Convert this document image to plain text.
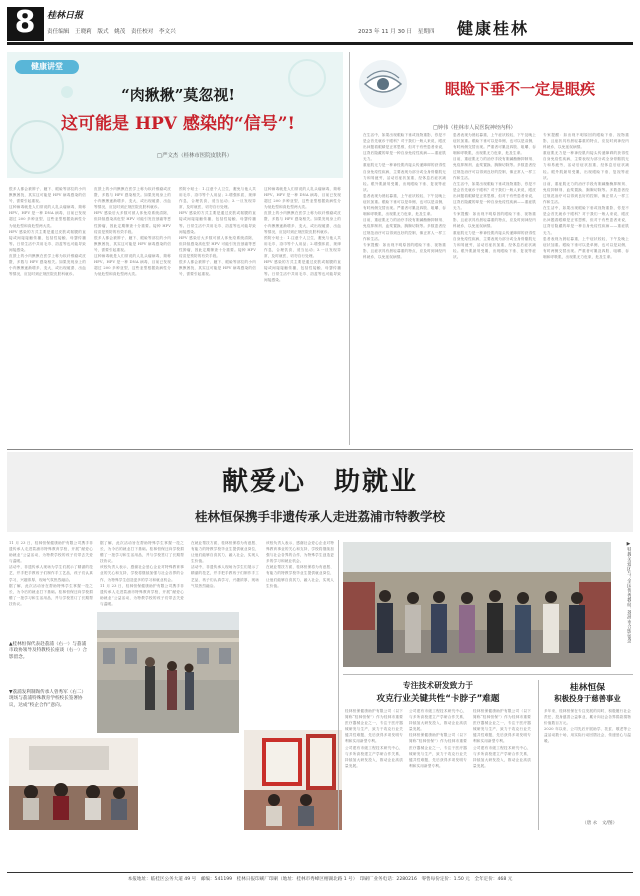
8	桂林日报
责任编辑　王晓莉　版式　姚茂　责任校对　李文兴	2023 年 11 月 30 日　星期四 健康桂林
健康讲堂
“肉揪揪”莫忽视!
这可能是 HPV 感染的“信号”!
□严文杰（桂林市医院皮肤科）

很多人都会被脖子、腋下、眼睑等部位的小肉揪揪困扰，其实这可能是 HPV 病毒感染的信号，需要引起重视。

这种病毒就是人们常说的人乳头瘤病毒，简称 HPV。HPV 是一种 DNA 病毒，目前已发现超过 200 多种亚型，这些亚型根据致病性分为低危型和高危型两大类。

HPV 感染的方式主要是通过皮肤或黏膜的直接或间接接触传播，包括性接触、母婴传播等。日常生活中共用毛巾、浴盆等也可能导致间接感染。

皮肤上的小肉揪揪在医学上称为软纤维瘤或皮赘，多数与 HPV 感染相关。如果发现身上的小肉揪揪逐渐增多、变大，或出现破溃、出血等情况，应及时到正规医院皮肤科就诊。

皮肤上的小肉揪揪在医学上称为软纤维瘤或皮赘，多数与 HPV 感染相关。如果发现身上的小肉揪揪逐渐增多、变大，或出现破溃、出血等情况，应及时到正规医院皮肤科就诊。

HPV 感染后大多数可被人体免疫系统清除，但持续感染高危型 HPV 可能引发宫颈癌等恶性肿瘤，因此定期筛查十分重要。接种 HPV 疫苗是预防的有效手段。

很多人都会被脖子、腋下、眼睑等部位的小肉揪揪困扰，其实这可能是 HPV 病毒感染的信号，需要引起重视。

这种病毒就是人们常说的人乳头瘤病毒，简称 HPV。HPV 是一种 DNA 病毒，目前已发现超过 200 多种亚型，这些亚型根据致病性分为低危型和高危型两大类。

预防小贴士：1.注意个人卫生，避免与他人共用毛巾、浴巾等个人用品；2.增强体质，规律作息，合理饮食，适当运动；3.一旦发现异常，及时就医，切勿自行处理。

HPV 感染的方式主要是通过皮肤或黏膜的直接或间接接触传播，包括性接触、母婴传播等。日常生活中共用毛巾、浴盆等也可能导致间接感染。

HPV 感染后大多数可被人体免疫系统清除，但持续感染高危型 HPV 可能引发宫颈癌等恶性肿瘤，因此定期筛查十分重要。接种 HPV 疫苗是预防的有效手段。

很多人都会被脖子、腋下、眼睑等部位的小肉揪揪困扰，其实这可能是 HPV 病毒感染的信号，需要引起重视。

这种病毒就是人们常说的人乳头瘤病毒，简称 HPV。HPV 是一种 DNA 病毒，目前已发现超过 200 多种亚型，这些亚型根据致病性分为低危型和高危型两大类。

皮肤上的小肉揪揪在医学上称为软纤维瘤或皮赘，多数与 HPV 感染相关。如果发现身上的小肉揪揪逐渐增多、变大，或出现破溃、出血等情况，应及时到正规医院皮肤科就诊。

预防小贴士：1.注意个人卫生，避免与他人共用毛巾、浴巾等个人用品；2.增强体质，规律作息，合理饮食，适当运动；3.一旦发现异常，及时就医，切勿自行处理。

HPV 感染的方式主要是通过皮肤或黏膜的直接或间接接触传播，包括性接触、母婴传播等。日常生活中共用毛巾、浴盆等也可能导致间接感染。

眼睑下垂不一定是眼疾
□钟伟（桂林市人民医院神经内科）

在生活中，如果出现眼睑下垂或视物重影，你是不是会首先就诊于眼科？对于我们一般人来说，眼皮出问题看眼睛是正常思维，但对于有些患者来说，这背后隐藏的却是一种自身免疫性疾病——重症肌无力。

重症肌无力是一种神经肌肉接头传递障碍的获得性自身免疫性疾病，主要表现为部分或全身骨骼肌无力和易疲劳，活动后症状加重，经休息后症状减轻。眼外肌最易受累，出现眼睑下垂、复视等症状。

患者表现为晨轻暮重，上午症状较轻，下午及晚上症状加重。眼睑下垂可以是单侧，也可以是双侧，有时两侧交替出现。严重者可累及四肢、咀嚼、吞咽和呼吸肌，出现肌无力危象，危及生命。

目前，重症肌无力的治疗手段有胆碱酯酶抑制剂、免疫抑制剂、血浆置换、胸腺切除等。多数患者经过规范治疗可以得到良好的控制，像正常人一样工作和生活。

专家提醒：如出现不明原因的眼睑下垂、视物重影，且症状具有晨轻暮重的特点，应及时到神经内科就诊，以免延误病情。

患者表现为晨轻暮重，上午症状较轻，下午及晚上症状加重。眼睑下垂可以是单侧，也可以是双侧，有时两侧交替出现。严重者可累及四肢、咀嚼、吞咽和呼吸肌，出现肌无力危象，危及生命。

目前，重症肌无力的治疗手段有胆碱酯酶抑制剂、免疫抑制剂、血浆置换、胸腺切除等。多数患者经过规范治疗可以得到良好的控制，像正常人一样工作和生活。

在生活中，如果出现眼睑下垂或视物重影，你是不是会首先就诊于眼科？对于我们一般人来说，眼皮出问题看眼睛是正常思维，但对于有些患者来说，这背后隐藏的却是一种自身免疫性疾病——重症肌无力。

专家提醒：如出现不明原因的眼睑下垂、视物重影，且症状具有晨轻暮重的特点，应及时到神经内科就诊，以免延误病情。

重症肌无力是一种神经肌肉接头传递障碍的获得性自身免疫性疾病，主要表现为部分或全身骨骼肌无力和易疲劳，活动后症状加重，经休息后症状减轻。眼外肌最易受累，出现眼睑下垂、复视等症状。

专家提醒：如出现不明原因的眼睑下垂、视物重影，且症状具有晨轻暮重的特点，应及时到神经内科就诊，以免延误病情。

重症肌无力是一种神经肌肉接头传递障碍的获得性自身免疫性疾病，主要表现为部分或全身骨骼肌无力和易疲劳，活动后症状加重，经休息后症状减轻。眼外肌最易受累，出现眼睑下垂、复视等症状。

目前，重症肌无力的治疗手段有胆碱酯酶抑制剂、免疫抑制剂、血浆置换、胸腺切除等。多数患者经过规范治疗可以得到良好的控制，像正常人一样工作和生活。

在生活中，如果出现眼睑下垂或视物重影，你是不是会首先就诊于眼科？对于我们一般人来说，眼皮出问题看眼睛是正常思维，但对于有些患者来说，这背后隐藏的却是一种自身免疫性疾病——重症肌无力。

患者表现为晨轻暮重，上午症状较轻，下午及晚上症状加重。眼睑下垂可以是单侧，也可以是双侧，有时两侧交替出现。严重者可累及四肢、咀嚼、吞咽和呼吸肌，出现肌无力危象，危及生命。

献爱心　助就业
桂林恒保携手非遗传承人走进荔浦市特教学校

11 月 23 日，桂林恒保健康助护有限公司携手非遗传承人走进荔浦市特殊教育学校，开展“献爱心 助就业”公益活动，为特教学校的孩子们带去关爱与温暖。

活动中，非遗传承人现场为学生们展示了精湛的技艺，并手把手教孩子们制作手工艺品，孩子们认真学习，兴趣浓厚，现场气氛热烈融洽。

据了解，此次活动旨在帮助特殊学生掌握一技之长，为今后的就业打下基础。桂林恒保还向学校捐赠了一批学习和生活用品，并与学校签订了长期帮扶协议。

据了解，此次活动旨在帮助特殊学生掌握一技之长，为今后的就业打下基础。桂林恒保还向学校捐赠了一批学习和生活用品，并与学校签订了长期帮扶协议。

该校负责人表示，感谢社会爱心企业对特殊教育事业的关心和支持，学校将继续加强与社会各界的合作，为特殊学生创造更多的学习和就业机会。

11 月 23 日，桂林恒保健康助护有限公司携手非遗传承人走进荔浦市特殊教育学校，开展“献爱心 助就业”公益活动，为特教学校的孩子们带去关爱与温暖。

在就业帮扶方面，桂林恒保将为有意愿、有能力的特教学校毕业生提供就业岗位，让他们能够自食其力，融入社会，实现人生价值。

活动中，非遗传承人现场为学生们展示了精湛的技艺，并手把手教孩子们制作手工艺品，孩子们认真学习，兴趣浓厚，现场气氛热烈融洽。

该校负责人表示，感谢社会爱心企业对特殊教育事业的关心和支持，学校将继续加强与社会各界的合作，为特殊学生创造更多的学习和就业机会。

在就业帮扶方面，桂林恒保将为有意愿、有能力的特教学校毕业生提供就业岗位，让他们能够自食其力，融入社会，实现人生价值。

▲桂林恒保代表赴荔浦（右一）与荔浦市政协领导及特教校长座谈（右一）合影留念。
▼荔浦发利制陶传承人曾秀军（右二）现场与荔浦特殊教育学校校长签署协议，达成“校企合作”意向。
▶特教关爱团与“全国优秀教师”荔浦市合影留念
专注技术研发致力于
攻克行业关键共性“卡脖子”难题

桂林恒保健康助护有限公司（以下简称“桂林恒保”）作为桂林市重要医疗器械企业之一，专注于医疗器械研发与生产，致力于攻克行业关键共性难题，先后获得多项发明专利和实用新型专利。

公司建有市级工程技术研究中心，与多所高校建立产学研合作关系，持续加大研发投入，推动企业高质量发展。

公司建有市级工程技术研究中心，与多所高校建立产学研合作关系，持续加大研发投入，推动企业高质量发展。

桂林恒保健康助护有限公司（以下简称“桂林恒保”）作为桂林市重要医疗器械企业之一，专注于医疗器械研发与生产，致力于攻克行业关键共性难题，先后获得多项发明专利和实用新型专利。

桂林恒保健康助护有限公司（以下简称“桂林恒保”）作为桂林市重要医疗器械企业之一，专注于医疗器械研发与生产，致力于攻克行业关键共性难题，先后获得多项发明专利和实用新型专利。

公司建有市级工程技术研究中心，与多所高校建立产学研合作关系，持续加大研发投入，推动企业高质量发展。

桂林恒保
积极投身于慈善事业

多年来，桂林恒保在专注发展的同时，积极履行社会责任，投身慈善公益事业，累计向社会各界捐款捐物价值数百万元。

2020 年以来，公司先后开展助学、扶贫、敬老等公益活动数十场，用实际行动回馈社会，传递爱心与温暖。

（唐 永　文/图）
本报地址：临桂区公务大道 49 号　邮编：541199　桂林日报印刷厂印刷（地址：桂林市秀峰区榕湖北路 1 号）　印刷厂业务电话：2280216　零售每份定价：1.50 元　全年定价：468 元
